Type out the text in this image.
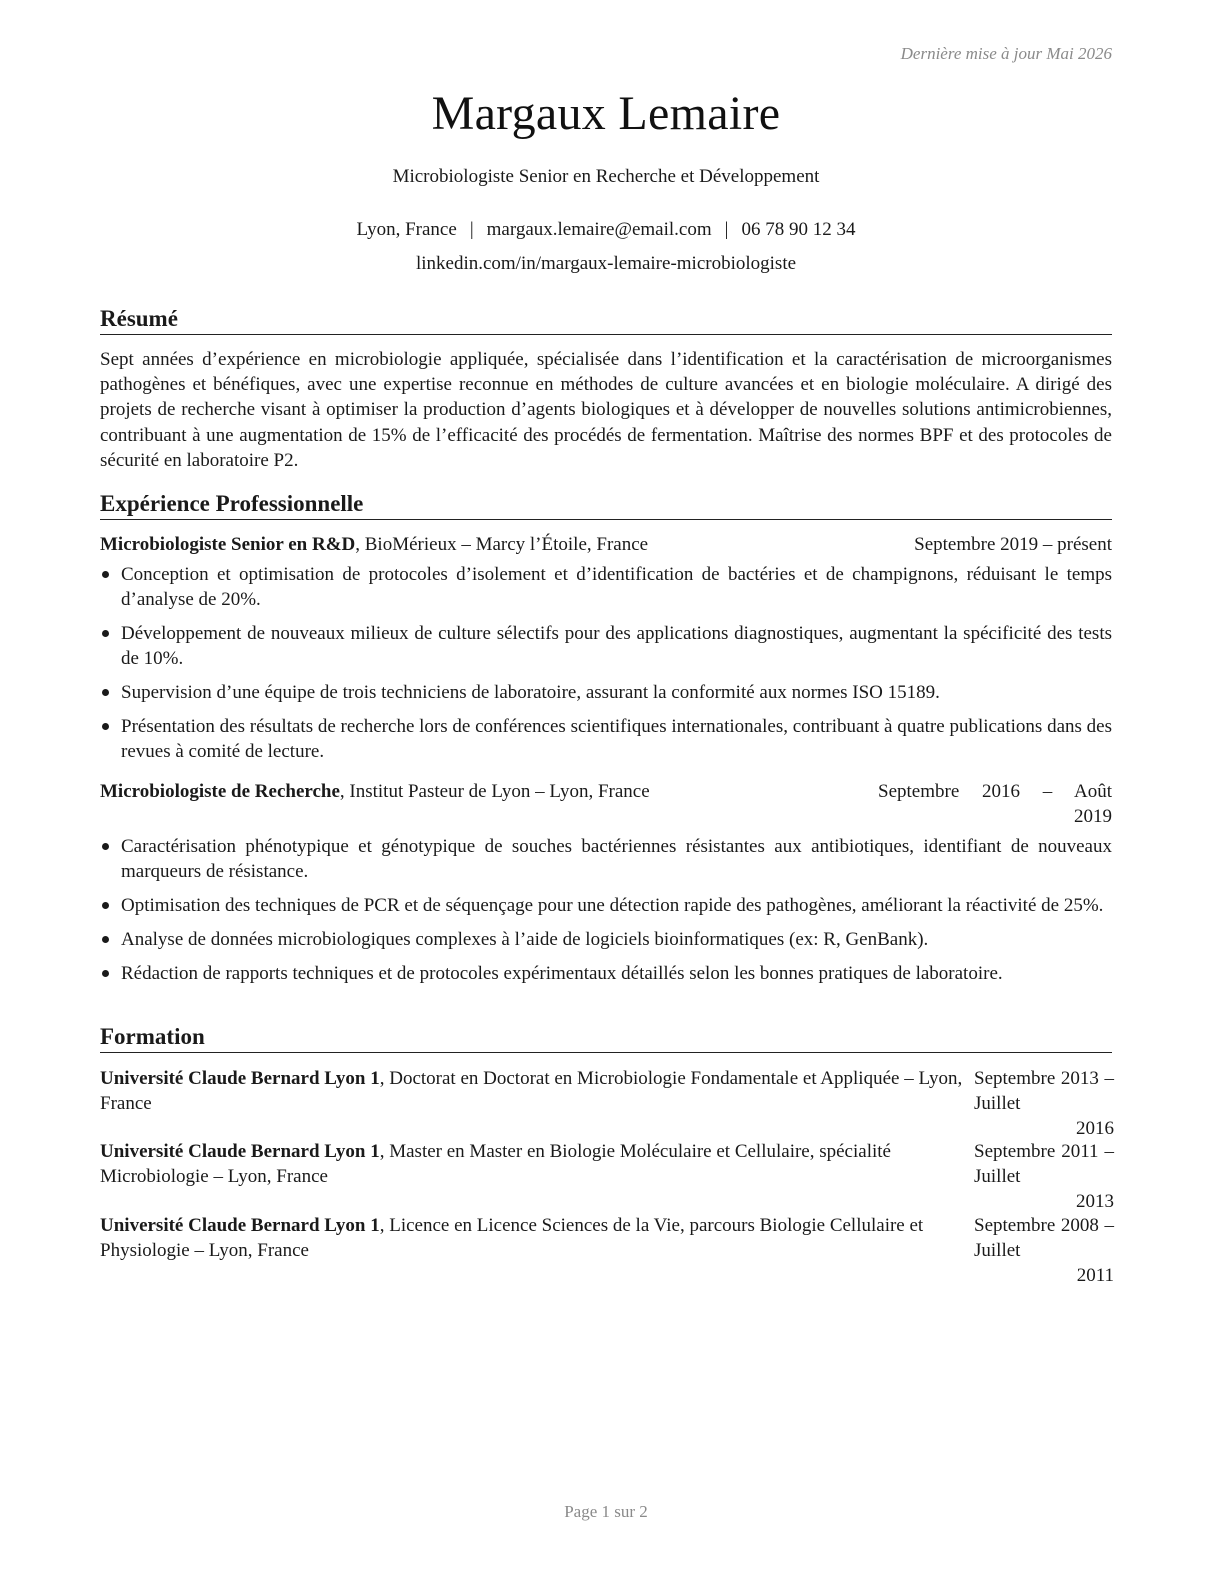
Dernière mise à jour Mai 2026
Margaux Lemaire
Microbiologiste Senior en Recherche et Développement
Lyon, France | margaux.lemaire@email.com | 06 78 90 12 34
linkedin.com/in/margaux-lemaire-microbiologiste
Résumé

Sept années d’expérience en microbiologie appliquée, spécialisée dans l’identification et la caractérisation de microorganismes pathogènes et bénéfiques, avec une expertise reconnue en méthodes de culture avancées et en biologie moléculaire. A dirigé des projets de recherche visant à optimiser la production d’agents biologiques et à développer de nouvelles solutions antimicrobiennes, contribuant à une augmentation de 15% de l’efficacité des procédés de fermentation. Maîtrise des normes BPF et des protocoles de sécurité en laboratoire P2.

Expérience Professionnelle
Microbiologiste Senior en R&D, BioMérieux – Marcy l’Étoile, France	Septembre 2019 – présent
Conception et optimisation de protocoles d’isolement et d’identification de bactéries et de champignons, réduisant le temps d’analyse de 20%.
Développement de nouveaux milieux de culture sélectifs pour des applications diagnostiques, augmentant la spécificité des tests de 10%.
Supervision d’une équipe de trois techniciens de laboratoire, assurant la conformité aux normes ISO 15189.
Présentation des résultats de recherche lors de conférences scientifiques internationales, contribuant à quatre publications dans des revues à comité de lecture.
Microbiologiste de Recherche, Institut Pasteur de Lyon – Lyon, France	Septembre 2016 – Août
2019
Caractérisation phénotypique et génotypique de souches bactériennes résistantes aux antibiotiques, identifiant de nouveaux marqueurs de résistance.
Optimisation des techniques de PCR et de séquençage pour une détection rapide des pathogènes, améliorant la réactivité de 25%.
Analyse de données microbiologiques complexes à l’aide de logiciels bioinformatiques (ex: R, GenBank).
Rédaction de rapports techniques et de protocoles expérimentaux détaillés selon les bonnes pratiques de laboratoire.
Formation
Université Claude Bernard Lyon 1, Doctorat en Doctorat en Microbiologie Fondamentale et Appliquée – Lyon, France
Septembre 2013 – Juillet
2016
Université Claude Bernard Lyon 1, Master en Master en Biologie Moléculaire et Cellulaire, spécialité Microbiologie – Lyon, France
Septembre 2011 – Juillet
2013
Université Claude Bernard Lyon 1, Licence en Licence Sciences de la Vie, parcours Biologie Cellulaire et Physiologie – Lyon, France
Septembre 2008 – Juillet
2011
Page 1 sur 2
